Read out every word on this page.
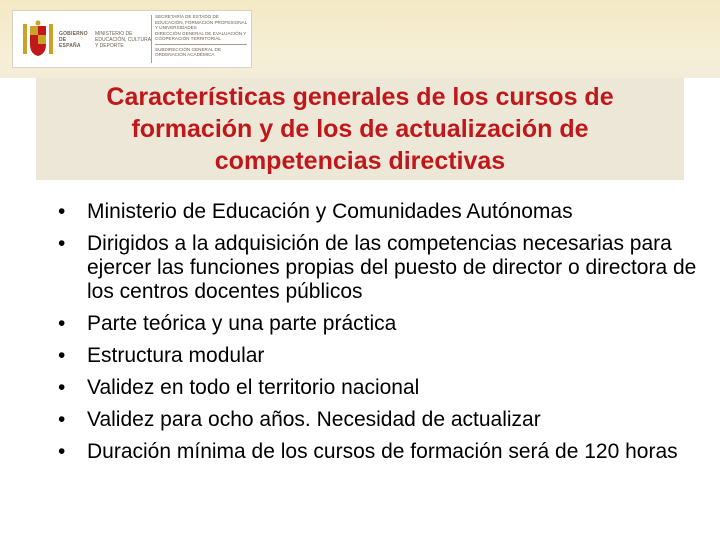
GOBIERNO DE ESPAÑA
MINISTERIO DE EDUCACIÓN, CULTURA Y DEPORTE
SECRETARÍA DE ESTADO DE EDUCACIÓN, FORMACIÓN PROFESIONAL Y UNIVERSIDADES
DIRECCIÓN GENERAL DE EVALUACIÓN Y COOPERACIÓN TERRITORIAL
SUBDIRECCIÓN GENERAL DE ORDENACIÓN ACADÉMICA
Características generales de los cursos de formación y de los de actualización de competencias directivas
• Ministerio de Educación y Comunidades Autónomas
• Dirigidos a la adquisición de las competencias necesarias para ejercer las funciones propias del puesto de director o directora de los centros docentes públicos
• Parte teórica y una parte práctica
• Estructura modular
• Validez en todo el territorio nacional
• Validez para ocho años. Necesidad de actualizar
• Duración mínima de los cursos de formación será de 120 horas
